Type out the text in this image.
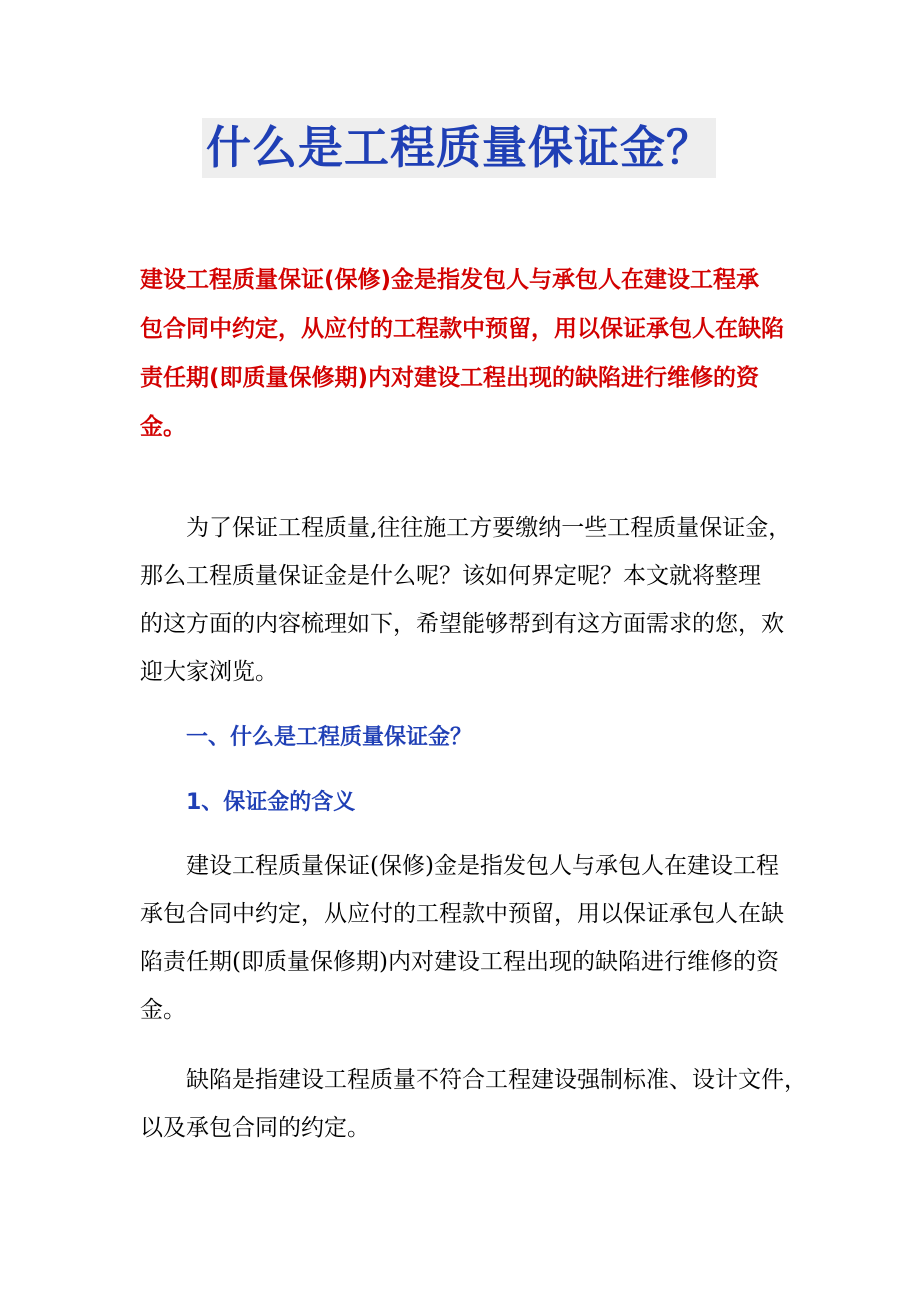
什么是工程质量保证金？
建设工程质量保证(保修)金是指发包人与承包人在建设工程承
包合同中约定，从应付的工程款中预留，用以保证承包人在缺陷
责任期(即质量保修期)内对建设工程出现的缺陷进行维修的资
金。
为了保证工程质量,往往施工方要缴纳一些工程质量保证金，
那么工程质量保证金是什么呢？该如何界定呢？本文就将整理
的这方面的内容梳理如下，希望能够帮到有这方面需求的您，欢
迎大家浏览。
一、什么是工程质量保证金？
1、保证金的含义
建设工程质量保证(保修)金是指发包人与承包人在建设工程
承包合同中约定，从应付的工程款中预留，用以保证承包人在缺
陷责任期(即质量保修期)内对建设工程出现的缺陷进行维修的资
金。
缺陷是指建设工程质量不符合工程建设强制标准、设计文件，
以及承包合同的约定。
